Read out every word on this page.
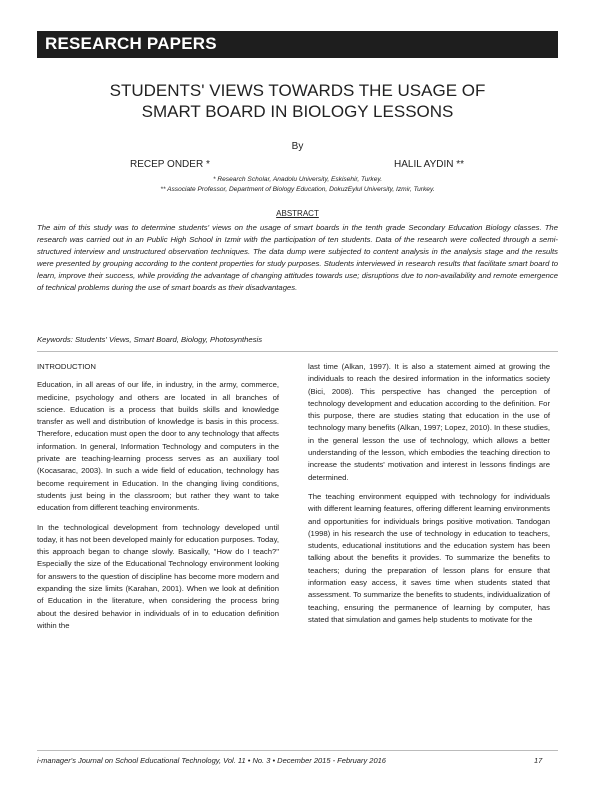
RESEARCH PAPERS
STUDENTS' VIEWS TOWARDS THE USAGE OF
SMART BOARD IN BIOLOGY LESSONS
By
RECEP ONDER *	HALIL AYDIN **
* Research Scholar, Anadolu University, Eskisehir, Turkey.
** Associate Professor, Department of Biology Education, DokuzEylul University, Izmir, Turkey.
ABSTRACT
The aim of this study was to determine students' views on the usage of smart boards in the tenth grade Secondary Education Biology classes. The research was carried out in an Public High School in Izmir with the participation of ten students. Data of the research were collected through a semi-structured interview and unstructured observation techniques. The data dump were subjected to content analysis in the analysis stage and the results were presented by grouping according to the content properties for study purposes. Students interviewed in research results that facilitate smart board to learn, improve their success, while providing the advantage of changing attitudes towards use; disruptions due to non-availability and remote emergence of technical problems during the use of smart boards as their disadvantages.
Keywords: Students' Views, Smart Board, Biology, Photosynthesis
INTRODUCTION

Education, in all areas of our life, in industry, in the army, commerce, medicine, psychology and others are located in all branches of science. Education is a process that builds skills and knowledge transfer as well and distribution of knowledge is basis in this process. Therefore, education must open the door to any technology that affects information. In general, Information Technology and computers in the private are teaching-learning process serves as an auxiliary tool (Kocasarac, 2003). In such a wide field of education, technology has become requirement in Education. In the changing living conditions, students just being in the classroom; but rather they want to take education from different teaching environments.

In the technological development from technology developed until today, it has not been developed mainly for education purposes. Today, this approach began to change slowly. Basically, "How do I teach?" Especially the size of the Educational Technology environment looking for answers to the question of discipline has become more modern and expanding the size limits (Karahan, 2001). When we look at definition of Education in the literature, when considering the process bring about the desired behavior in individuals of in to education definition within the

last time (Alkan, 1997). It is also a statement aimed at growing the individuals to reach the desired information in the informatics society (Bici, 2008). This perspective has changed the perception of technology development and education according to the definition. For this purpose, there are studies stating that education in the use of technology many benefits (Alkan, 1997; Lopez, 2010). In these studies, in the general lesson the use of technology, which allows a better understanding of the lesson, which embodies the teaching direction to increase the students' motivation and interest in lessons findings are determined.

The teaching environment equipped with technology for individuals with different learning features, offering different learning environments and opportunities for individuals brings positive motivation. Tandogan (1998) in his research the use of technology in education to teachers, students, educational institutions and the education system has been talking about the benefits it provides. To summarize the benefits to teachers; during the preparation of lesson plans for ensure that information easy access, it saves time when students stated that assessment. To summarize the benefits to students, individualization of teaching, ensuring the permanence of learning by computer, has stated that simulation and games help students to motivate for the

i-manager's Journal on School Educational Technology, Vol. 11 • No. 3 • December 2015 - February 2016	17
